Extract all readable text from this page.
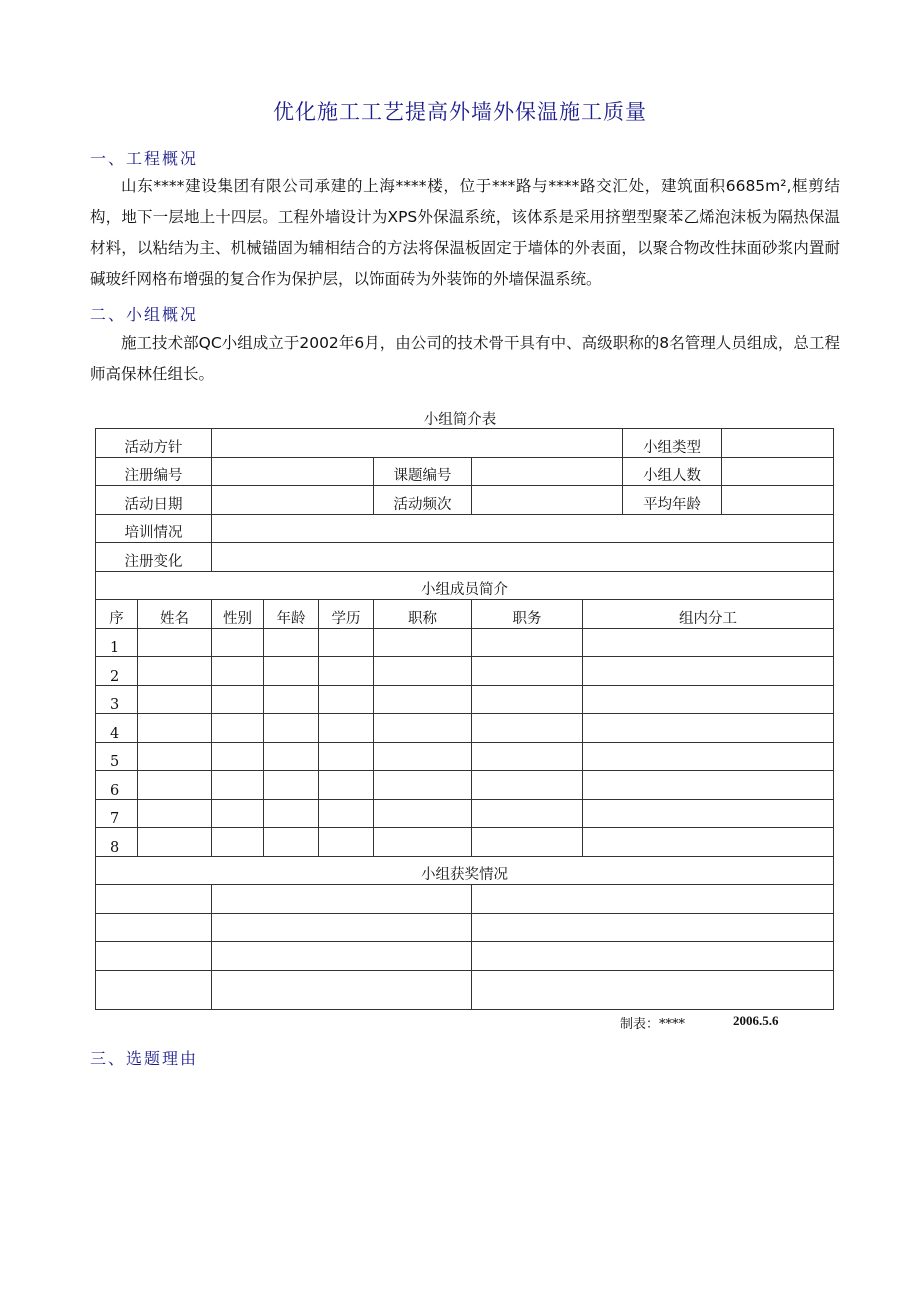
优化施工工艺提高外墙外保温施工质量
一、工程概况
山东****建设集团有限公司承建的上海****楼，位于***路与****路交汇处，建筑面积6685m²,框剪结构，地下一层地上十四层。工程外墙设计为XPS外保温系统，该体系是采用挤塑型聚苯乙烯泡沫板为隔热保温材料，以粘结为主、机械锚固为辅相结合的方法将保温板固定于墙体的外表面，以聚合物改性抹面砂浆内置耐碱玻纤网格布增强的复合作为保护层，以饰面砖为外装饰的外墙保温系统。
二、小组概况
施工技术部QC小组成立于2002年6月，由公司的技术骨干具有中、高级职称的8名管理人员组成，总工程师高保林任组长。
小组简介表
活动方针								小组类型	
注册编号					课题编号			小组人数	
活动日期					活动频次			平均年龄	
培训情况									
注册变化									
小组成员简介									
序	姓名	性别	年龄	学历	职称	职务	组内分工		
1									
2									
3									
4									
5									
6									
7									
8									
小组获奖情况									

制表：****	2006.5.6
三、选题理由
